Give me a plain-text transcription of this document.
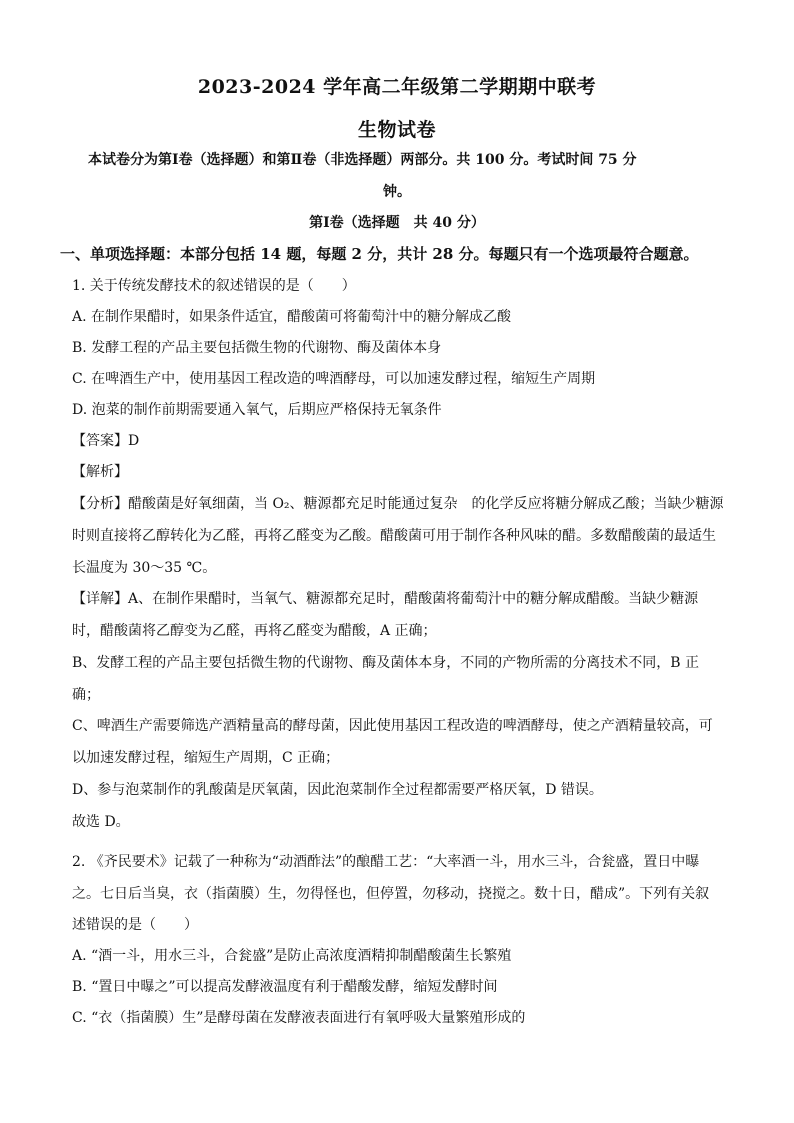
2023-2024 学年高二年级第二学期期中联考
生物试卷
本试卷分为第Ⅰ卷（选择题）和第Ⅱ卷（非选择题）两部分。共 100 分。考试时间 75 分
钟。
第Ⅰ卷（选择题　共 40 分）
一、单项选择题：本部分包括 14 题，每题 2 分，共计 28 分。每题只有一个选项最符合题意。
1. 关于传统发酵技术的叙述错误的是（　　）
A. 在制作果醋时，如果条件适宜，醋酸菌可将葡萄汁中的糖分解成乙酸
B. 发酵工程的产品主要包括微生物的代谢物、酶及菌体本身
C. 在啤酒生产中，使用基因工程改造的啤酒酵母，可以加速发酵过程，缩短生产周期
D. 泡菜的制作前期需要通入氧气，后期应严格保持无氧条件
【答案】D
【解析】
【分析】醋酸菌是好氧细菌，当 O₂、糖源都充足时能通过复杂　的化学反应将糖分解成乙酸；当缺少糖源
时则直接将乙醇转化为乙醛，再将乙醛变为乙酸。醋酸菌可用于制作各种风味的醋。多数醋酸菌的最适生
长温度为 30～35 ℃。
【详解】A、在制作果醋时，当氧气、糖源都充足时，醋酸菌将葡萄汁中的糖分解成醋酸。当缺少糖源
时，醋酸菌将乙醇变为乙醛，再将乙醛变为醋酸，A 正确；
B、发酵工程的产品主要包括微生物的代谢物、酶及菌体本身，不同的产物所需的分离技术不同，B 正
确；
C、啤酒生产需要筛选产酒精量高的酵母菌，因此使用基因工程改造的啤酒酵母，使之产酒精量较高，可
以加速发酵过程，缩短生产周期，C 正确；
D、参与泡菜制作的乳酸菌是厌氧菌，因此泡菜制作全过程都需要严格厌氧，D 错误。
故选 D。
2. 《齐民要术》记载了一种称为“动酒酢法”的酿醋工艺：“大率酒一斗，用水三斗，合瓮盛，置日中曝
之。七日后当臭，衣（指菌膜）生，勿得怪也，但停置，勿移动，挠搅之。数十日，醋成”。下列有关叙
述错误的是（　　）
A. “酒一斗，用水三斗，合瓮盛”是防止高浓度酒精抑制醋酸菌生长繁殖
B. “置日中曝之”可以提高发酵液温度有利于醋酸发酵，缩短发酵时间
C. “衣（指菌膜）生”是酵母菌在发酵液表面进行有氧呼吸大量繁殖形成的
